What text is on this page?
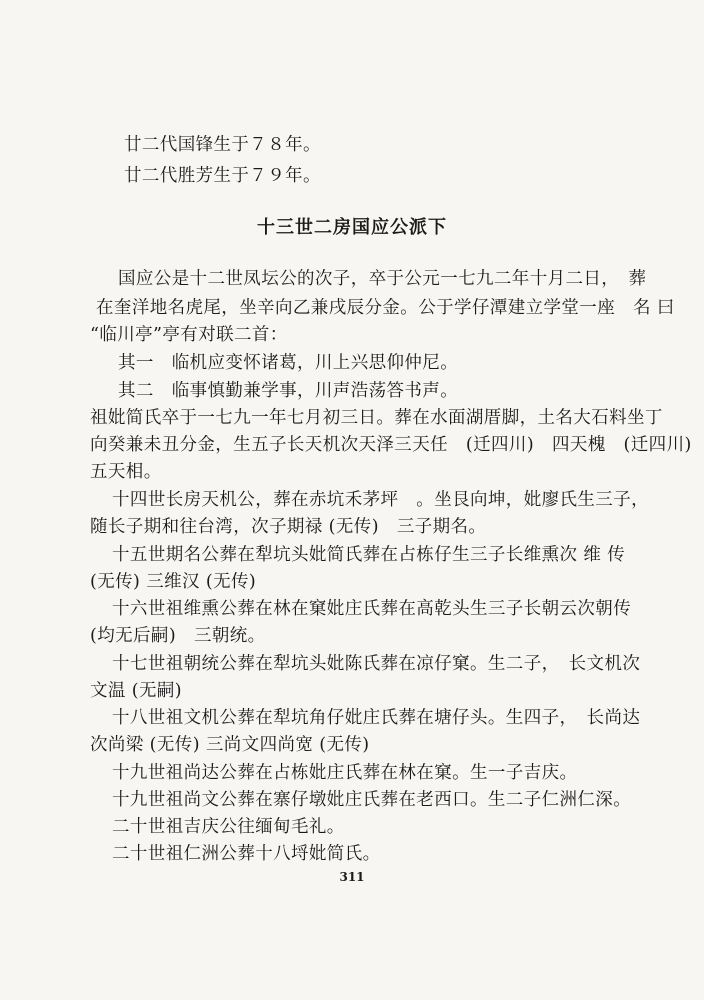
廿二代国锋生于７８年。
廿二代胜芳生于７９年。
十三世二房国应公派下
国应公是十二世凤坛公的次子，卒于公元一七九二年十月二日，　葬
在奎洋地名虎尾，坐辛向乙兼戌辰分金。公于学仔潭建立学堂一座　名 曰
“临川亭”亭有对联二首：
其一　临机应变怀诸葛，川上兴思仰仲尼。
其二　临事慎勤兼学事，川声浩荡答书声。
祖妣简氏卒于一七九一年七月初三日。葬在水面湖厝脚，土名大石料坐丁
向癸兼未丑分金，生五子长天机次天泽三天任　(迁四川)　四天槐　(迁四川)
五天相。
十四世长房天机公，葬在赤坑禾茅坪　。坐艮向坤，妣廖氏生三子，
随长子期和往台湾，次子期禄 (无传)　三子期名。
十五世期名公葬在犁坑头妣简氏葬在占栋仔生三子长维熏次 维 传
(无传) 三维汉 (无传)
十六世祖维熏公葬在林在窠妣庄氏葬在高乾头生三子长朝云次朝传
(均无后嗣)　三朝统。
十七世祖朝统公葬在犁坑头妣陈氏葬在凉仔窠。生二子，　长文机次
文温 (无嗣)
十八世祖文机公葬在犁坑角仔妣庄氏葬在塘仔头。生四子，　长尚达
次尚梁 (无传) 三尚文四尚宽 (无传)
十九世祖尚达公葬在占栋妣庄氏葬在林在窠。生一子吉庆。
十九世祖尚文公葬在寨仔墩妣庄氏葬在老西口。生二子仁洲仁深。
二十世祖吉庆公往缅甸毛礼。
二十世祖仁洲公葬十八埒妣简氏。
311
